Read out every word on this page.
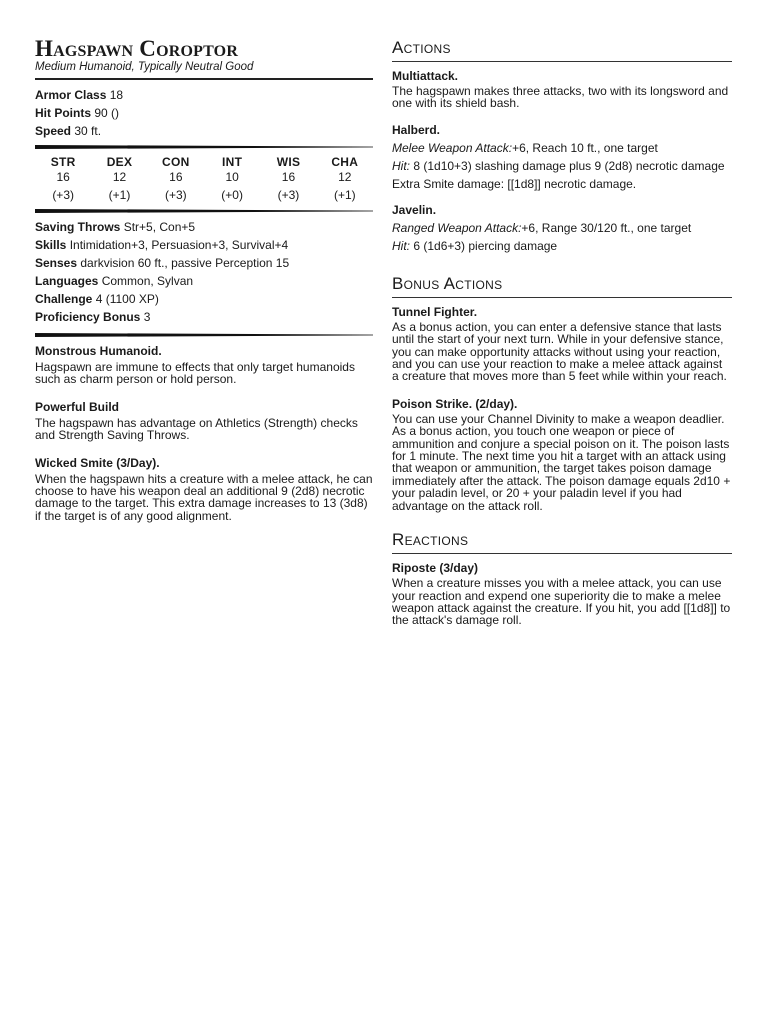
Hagspawn Coroptor
Medium Humanoid, Typically Neutral Good
Armor Class 18
Hit Points 90 ()
Speed 30 ft.
STR
16
(+3)
DEX
12
(+1)
CON
16
(+3)
INT
10
(+0)
WIS
16
(+3)
CHA
12
(+1)
Saving Throws Str+5, Con+5
Skills Intimidation+3, Persuasion+3, Survival+4
Senses darkvision 60 ft., passive Perception 15
Languages Common, Sylvan
Challenge 4 (1100 XP)
Proficiency Bonus 3
Monstrous Humanoid.
Hagspawn are immune to effects that only target humanoids such as charm person or hold person.
Powerful Build
The hagspawn has advantage on Athletics (Strength) checks and Strength Saving Throws.
Wicked Smite (3/Day).
When the hagspawn hits a creature with a melee attack, he can choose to have his weapon deal an additional 9 (2d8) necrotic damage to the target. This extra damage increases to 13 (3d8) if the target is of any good alignment.
Actions
Multiattack.
The hagspawn makes three attacks, two with its longsword and one with its shield bash.
Halberd.
Melee Weapon Attack:+6, Reach 10 ft., one target
Hit: 8 (1d10+3) slashing damage plus 9 (2d8) necrotic damage
Extra Smite damage: [[1d8]] necrotic damage.
Javelin.
Ranged Weapon Attack:+6, Range 30/120 ft., one target
Hit: 6 (1d6+3) piercing damage
Bonus Actions
Tunnel Fighter.
As a bonus action, you can enter a defensive stance that lasts until the start of your next turn. While in your defensive stance, you can make opportunity attacks without using your reaction, and you can use your reaction to make a melee attack against a creature that moves more than 5 feet while within your reach.
Poison Strike. (2/day).
You can use your Channel Divinity to make a weapon deadlier. As a bonus action, you touch one weapon or piece of ammunition and conjure a special poison on it. The poison lasts for 1 minute. The next time you hit a target with an attack using that weapon or ammunition, the target takes poison damage immediately after the attack. The poison damage equals 2d10 + your paladin level, or 20 + your paladin level if you had advantage on the attack roll.
Reactions
Riposte (3/day)
When a creature misses you with a melee attack, you can use your reaction and expend one superiority die to make a melee weapon attack against the creature. If you hit, you add [[1d8]] to the attack's damage roll.
